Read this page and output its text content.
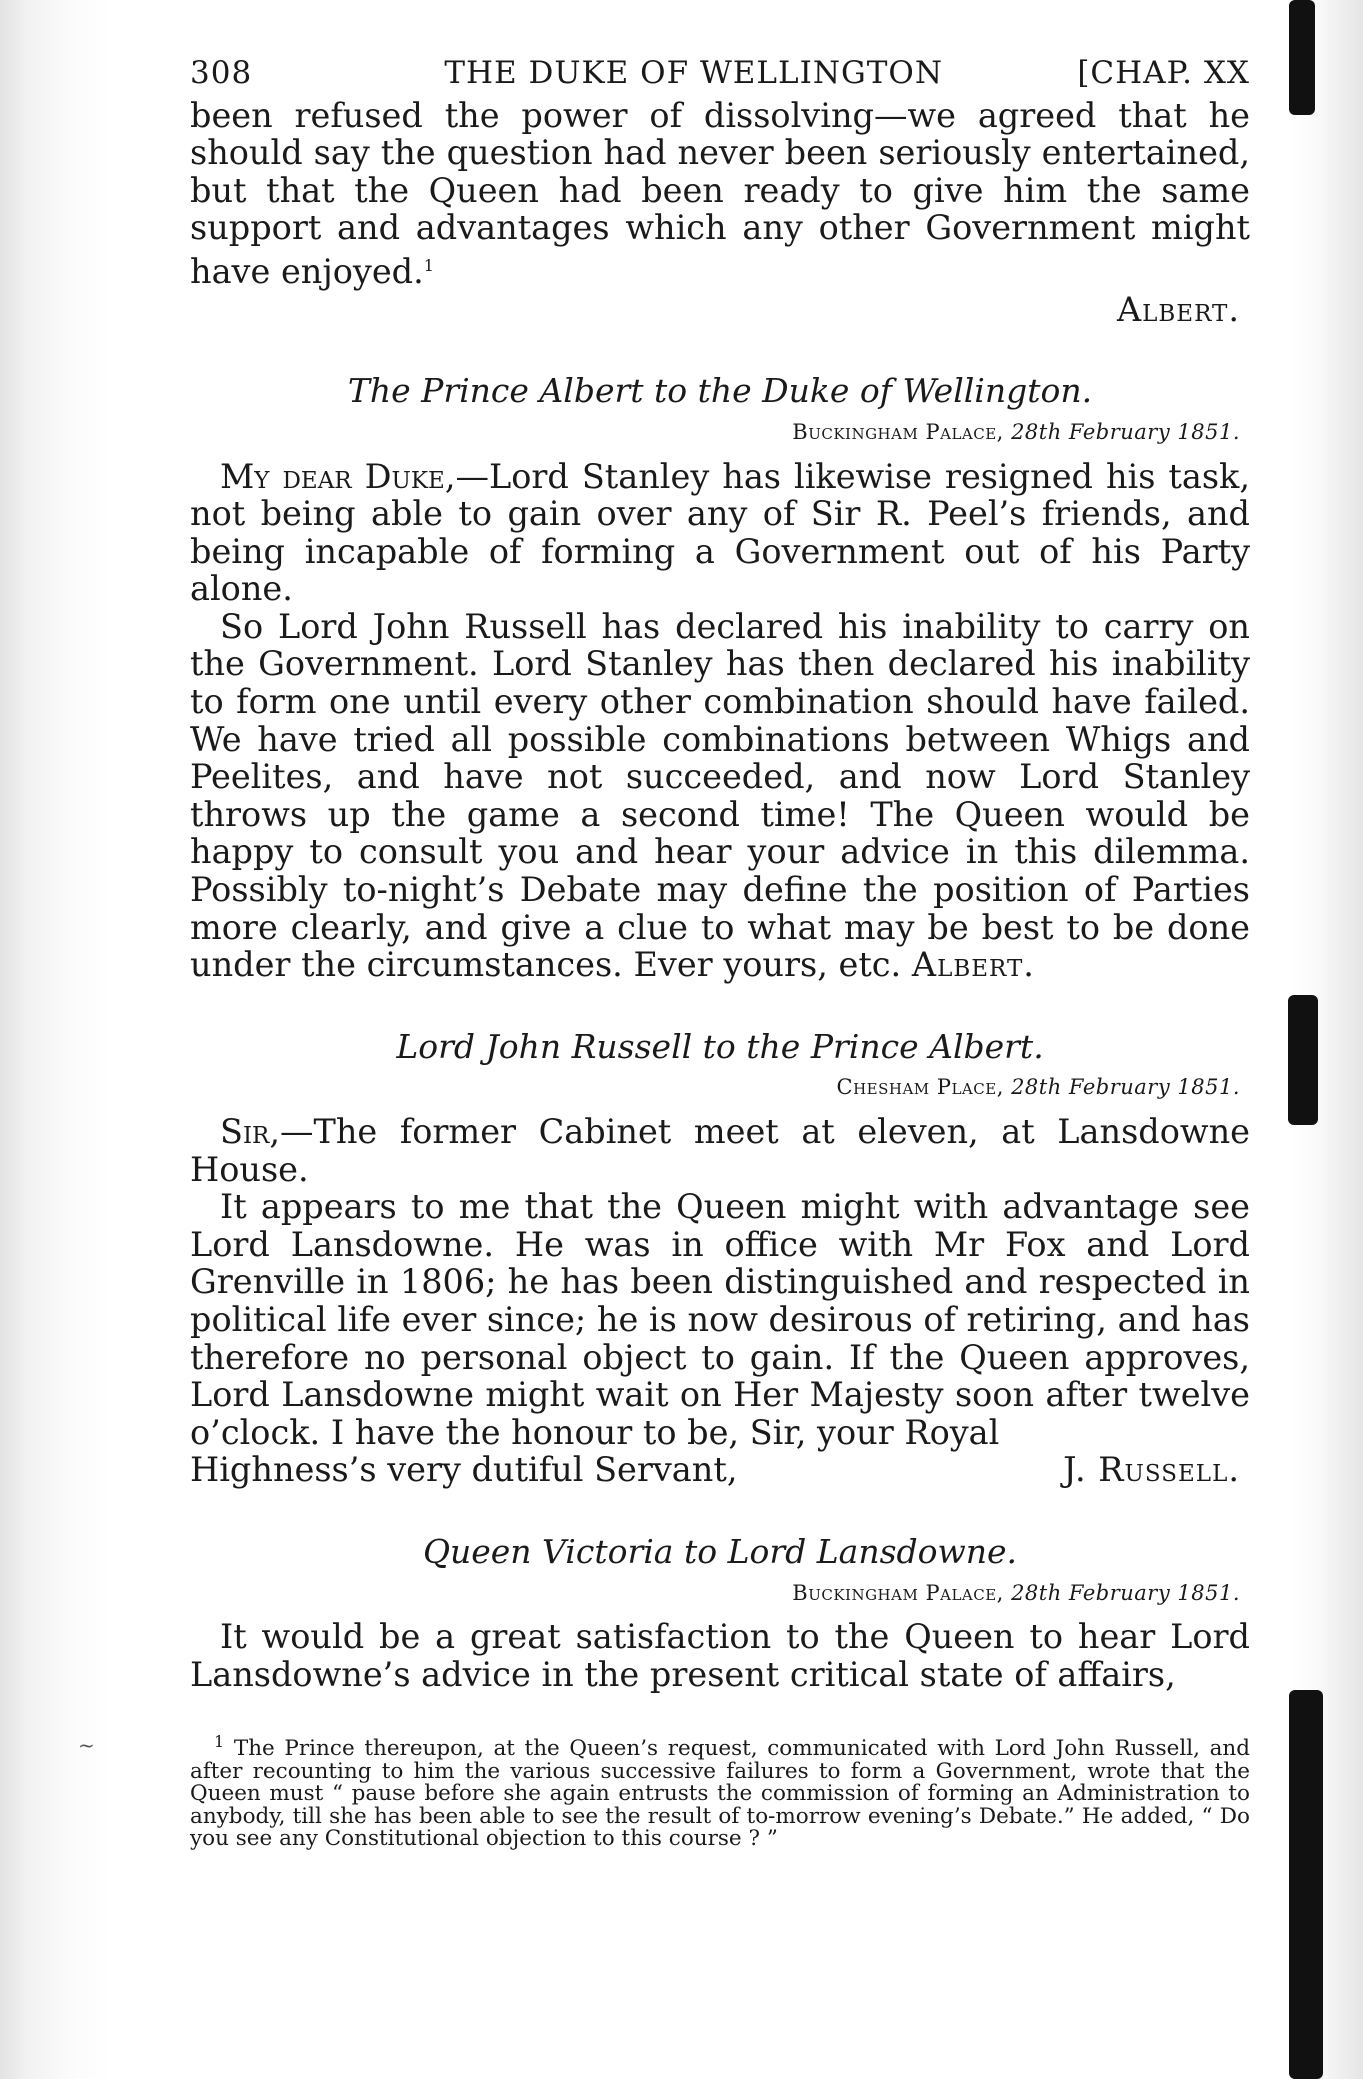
~
308	THE DUKE OF WELLINGTON	[CHAP. XX

been refused the power of dissolving—we agreed that he should say the question had never been seriously entertained, but that the Queen had been ready to give him the same support and advantages which any other Government might have enjoyed.$^1$

Albert.

The Prince Albert to the Duke of Wellington.
Buckingham Palace, 28th February 1851.

My dear Duke,—Lord Stanley has likewise resigned his task, not being able to gain over any of Sir R. Peel’s friends, and being incapable of forming a Government out of his Party alone.

So Lord John Russell has declared his inability to carry on the Government. Lord Stanley has then declared his inability to form one until every other combination should have failed. We have tried all possible combinations between Whigs and Peelites, and have not succeeded, and now Lord Stanley throws up the game a second time! The Queen would be happy to consult you and hear your advice in this dilemma. Possibly to-night’s Debate may define the position of Parties more clearly, and give a clue to what may be best to be done under the circumstances. Ever yours, etc. Albert.

Lord John Russell to the Prince Albert.
Chesham Place, 28th February 1851.

Sir,—The former Cabinet meet at eleven, at Lansdowne House.

It appears to me that the Queen might with advantage see Lord Lansdowne. He was in office with Mr Fox and Lord Grenville in 1806; he has been distinguished and respected in political life ever since; he is now desirous of retiring, and has therefore no personal object to gain. If the Queen approves, Lord Lansdowne might wait on Her Majesty soon after twelve o’clock. I have the honour to be, Sir, your Royal

Highness’s very dutiful Servant,	J. Russell.
Queen Victoria to Lord Lansdowne.
Buckingham Palace, 28th February 1851.

It would be a great satisfaction to the Queen to hear Lord Lansdowne’s advice in the present critical state of affairs,

$^1$ The Prince thereupon, at the Queen’s request, communicated with Lord John Russell, and after recounting to him the various successive failures to form a Government, wrote that the Queen must “ pause before she again entrusts the commission of forming an Administration to anybody, till she has been able to see the result of to-morrow evening’s Debate.” He added, “ Do you see any Constitutional objection to this course ? ”
